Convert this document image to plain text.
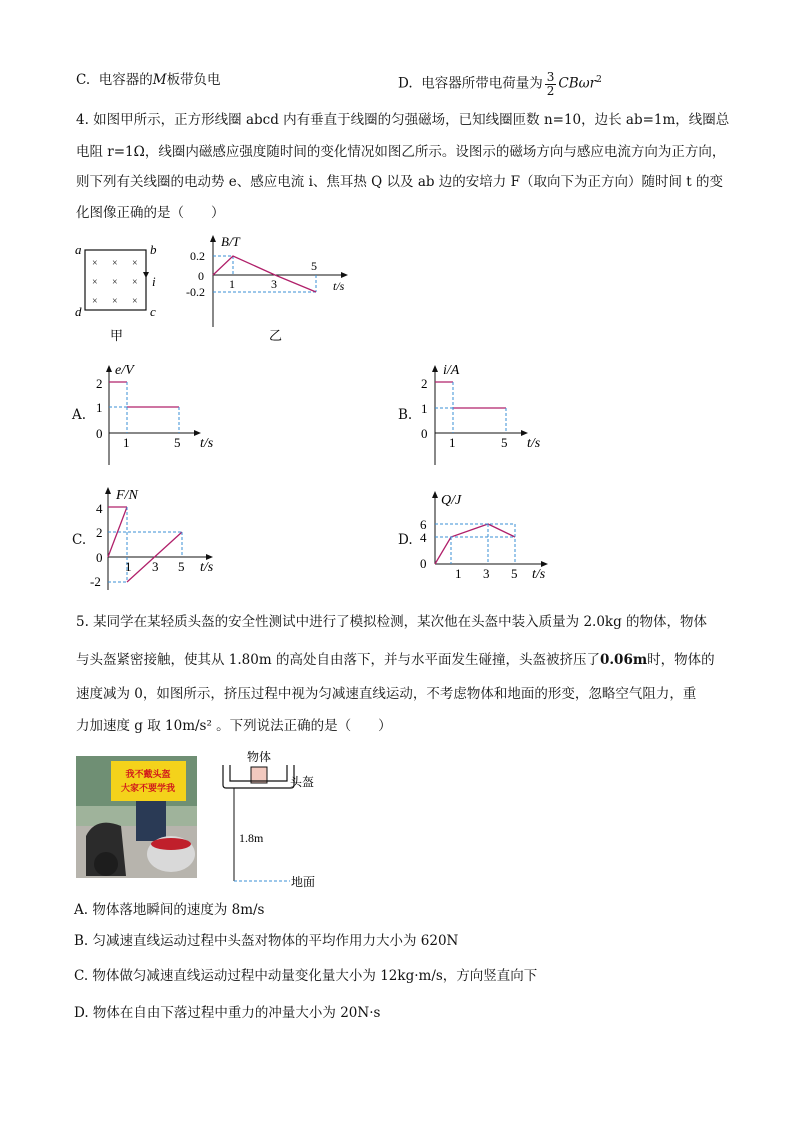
C. 电容器的M板带负电	D. 电容器所带电荷量为 $\frac{3}{2} CB\omega r^2$
4. 如图甲所示，正方形线圈 abcd 内有垂直于线圈的匀强磁场，已知线圈匝数 n=10，边长 ab=1m，线圈总
电阻 r=1Ω，线圈内磁感应强度随时间的变化情况如图乙所示。设图示的磁场方向与感应电流方向为正方向，
则下列有关线圈的电动势 e、感应电流 i、焦耳热 Q 以及 ab 边的安培力 F（取向下为正方向）随时间 t 的变
化图像正确的是（　　）
× × ×
× × ×
× × ×
a	b
c
d
i
甲
B/T
0.2
0
-0.2
1	3
5
t/s
乙
A.
e/V
2
1
0
1	5 t/s
B.
i/A
2
1
0
1	5 t/s
C.
F/N
4
2
0
-2
1 3 5 t/s
D.
Q/J
6
4
0
1 3 5 t/s
5. 某同学在某轻质头盔的安全性测试中进行了模拟检测，某次他在头盔中装入质量为 2.0kg 的物体，物体
与头盔紧密接触，使其从 1.80m 的高处自由落下，并与水平面发生碰撞，头盔被挤压了0.06m时，物体的
速度减为 0，如图所示，挤压过程中视为匀减速直线运动，不考虑物体和地面的形变，忽略空气阻力，重
力加速度 g 取 10m/s² 。下列说法正确的是（　　）
我不戴头盔
大家不要学我
物体
头盔
1.8m
地面
A. 物体落地瞬间的速度为 8m/s
B. 匀减速直线运动过程中头盔对物体的平均作用力大小为 620N
C. 物体做匀减速直线运动过程中动量变化量大小为 12kg·m/s，方向竖直向下
D. 物体在自由下落过程中重力的冲量大小为 20N·s
